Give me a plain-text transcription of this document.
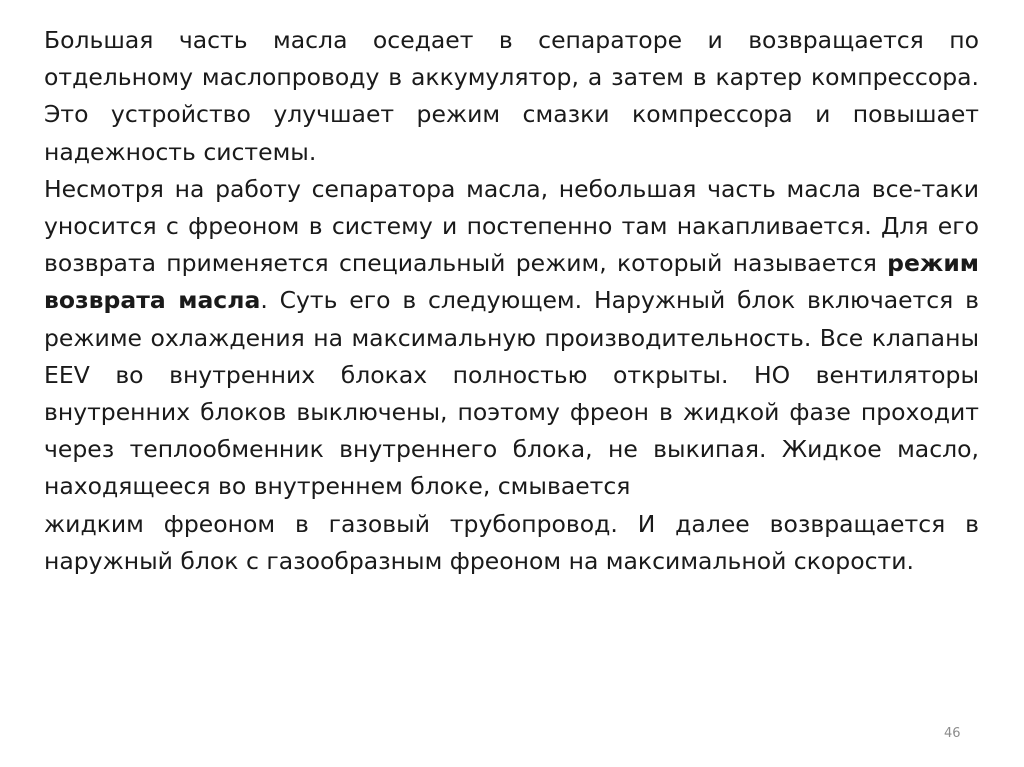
Большая часть масла оседает в сепараторе и возвращается по отдельному маслопроводу в аккумулятор, а затем в картер компрессора. Это устройство улучшает режим смазки компрессора и повышает надежность системы.

Несмотря на работу сепаратора масла, небольшая часть масла все-таки уносится с фреоном в систему и постепенно там накапливается. Для его возврата применяется специальный режим, который называется режим возврата масла. Суть его в следующем. Наружный блок включается в режиме охлаждения на максимальную производительность. Все клапаны EEV во внутренних блоках полностью открыты. НО вентиляторы внутренних блоков выключены, поэтому фреон в жидкой фазе проходит через теплообменник внутреннего блока, не выкипая. Жидкое масло, находящееся во внутреннем блоке, смывается
жидким фреоном в газовый трубопровод. И далее возвращается в наружный блок с газообразным фреоном на максимальной скорости.

46
